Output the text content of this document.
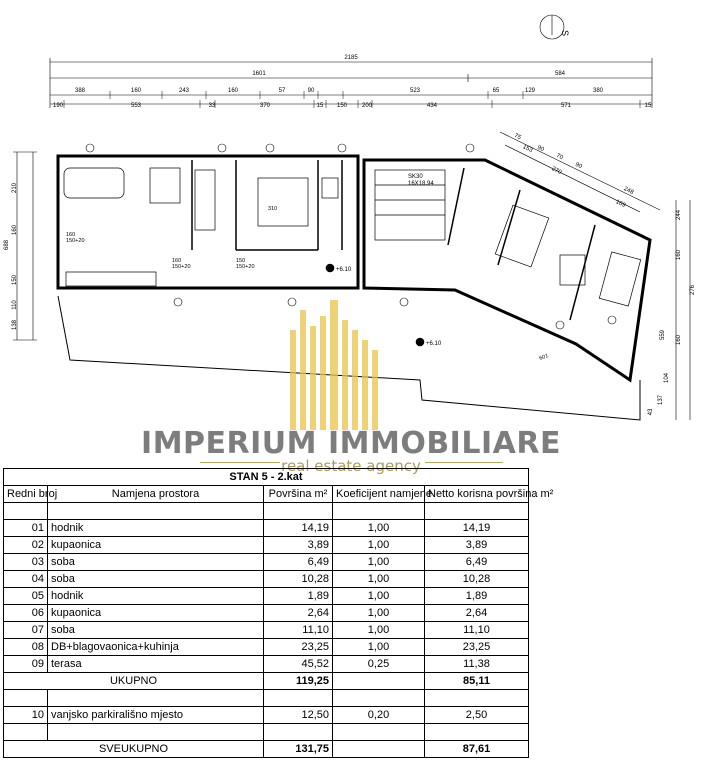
+6.10
+6.10
SK30
16X18.94
S
2185
1601	584
388	160	243	160	57	90	523	65	129	380
190	553	33	370	15 150 200	434	571	15
210
160
688
150
110
138
244
160
276
559 160
104
137
43
75
90
153
70
90
270
248
169
160
150+20
310
150
150+20
160
150+20
601
IMPERIUM IMMOBILIARE
real estate agency
STAN 5 - 2.kat					
Redni broj	Namjena prostora	Površina m²	Koeficijent namjene	Netto korisna površina m²	

01	hodnik	14,19	1,00	14,19	
02	kupaonica	3,89	1,00	3,89	
03	soba	6,49	1,00	6,49	
04	soba	10,28	1,00	10,28	
05	hodnik	1,89	1,00	1,89	
06	kupaonica	2,64	1,00	2,64	
07	soba	11,10	1,00	11,10	
08	DB+blagovaonica+kuhinja	23,25	1,00	23,25	
09	terasa	45,52	0,25	11,38	
UKUPNO		119,25		85,11	

10	vanjsko parkirališno mjesto	12,50	0,20	2,50	

SVEUKUPNO		131,75		87,61	
